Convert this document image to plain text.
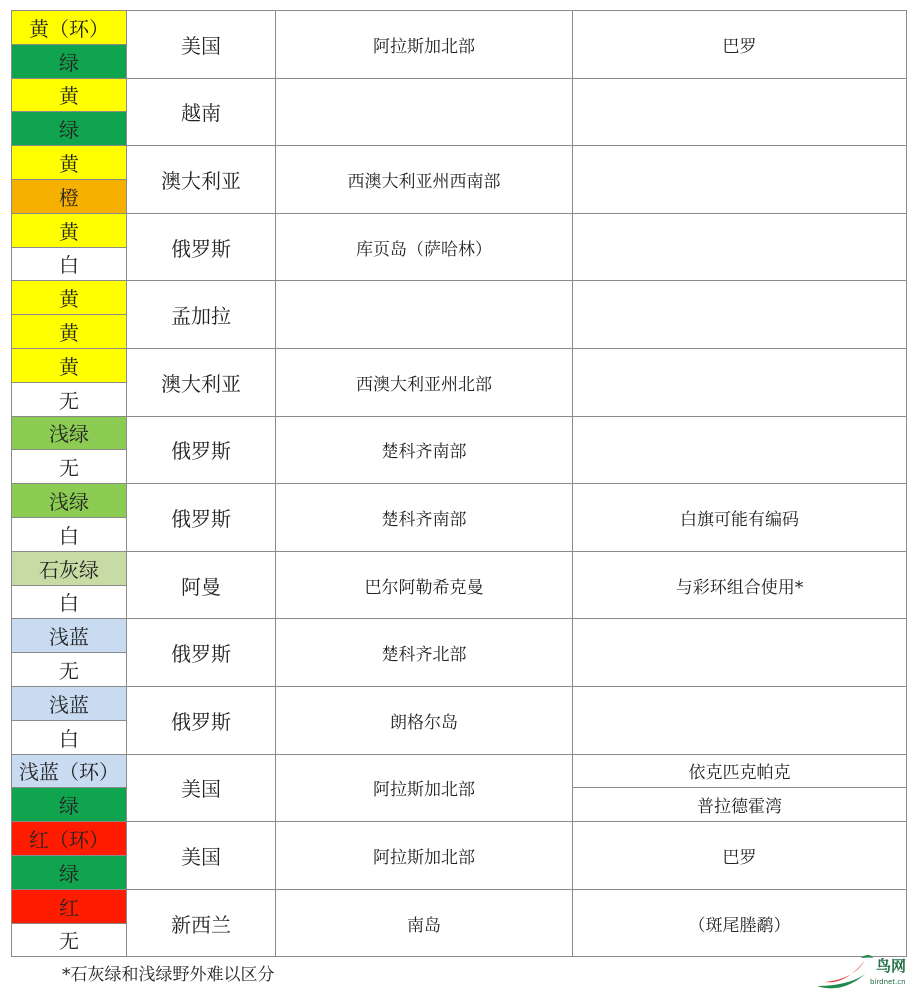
黄（环）	美国	阿拉斯加北部	巴罗
绿			
黄	越南		
绿			
黄	澳大利亚	西澳大利亚州西南部	
橙			
黄	俄罗斯	库页岛（萨哈林）	
白			
黄	孟加拉		
黄			
黄	澳大利亚	西澳大利亚州北部	
无			
浅绿	俄罗斯	楚科齐南部	
无			
浅绿	俄罗斯	楚科齐南部	白旗可能有编码
白			
石灰绿	阿曼	巴尔阿勒希克曼	与彩环组合使用*
白			
浅蓝	俄罗斯	楚科齐北部	
无			
浅蓝	俄罗斯	朗格尔岛	
白			
浅蓝（环）	美国	阿拉斯加北部	依克匹克帕克
绿			普拉德霍湾
红（环）	美国	阿拉斯加北部	巴罗
绿			
红	新西兰	南岛	（斑尾塍鹬）
无			
*石灰绿和浅绿野外难以区分	鸟网
birdnet.cn
